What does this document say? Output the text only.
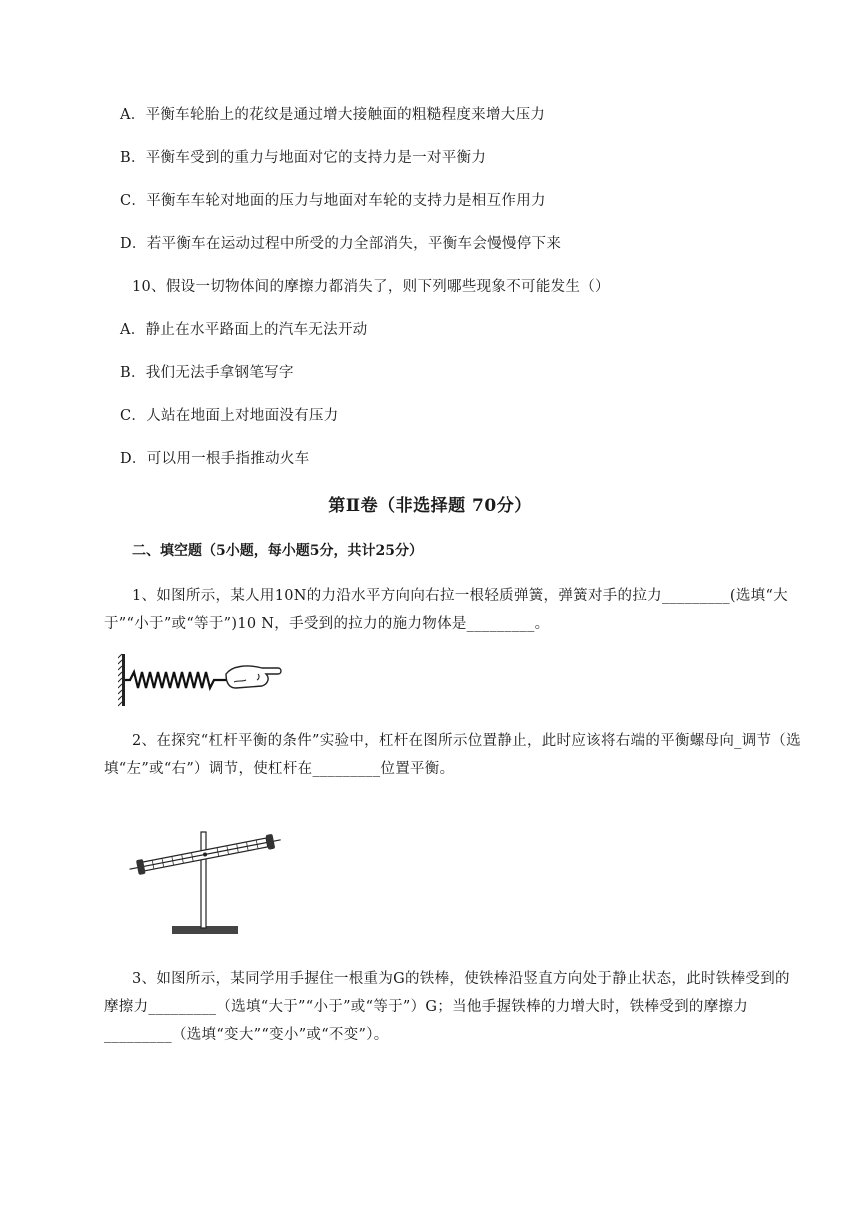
A．平衡车轮胎上的花纹是通过增大接触面的粗糙程度来增大压力
B．平衡车受到的重力与地面对它的支持力是一对平衡力
C．平衡车车轮对地面的压力与地面对车轮的支持力是相互作用力
D．若平衡车在运动过程中所受的力全部消失，平衡车会慢慢停下来
10、假设一切物体间的摩擦力都消失了，则下列哪些现象不可能发生（）
A．静止在水平路面上的汽车无法开动
B．我们无法手拿钢笔写字
C．人站在地面上对地面没有压力
D．可以用一根手指推动火车
第Ⅱ卷（非选择题 70分）
二、填空题（5小题，每小题5分，共计25分）
1、如图所示，某人用10N的力沿水平方向向右拉一根轻质弹簧，弹簧对手的拉力_________(选填“大于”“小于”或“等于”)10 N，手受到的拉力的施力物体是_________。
2、在探究“杠杆平衡的条件”实验中，杠杆在图所示位置静止，此时应该将右端的平衡螺母向_调节（选填“左”或“右”）调节，使杠杆在_________位置平衡。
3、如图所示，某同学用手握住一根重为G的铁棒，使铁棒沿竖直方向处于静止状态，此时铁棒受到的摩擦力_________（选填“大于”“小于”或“等于”）G；当他手握铁棒的力增大时，铁棒受到的摩擦力_________（选填“变大”“变小”或“不变”）。
